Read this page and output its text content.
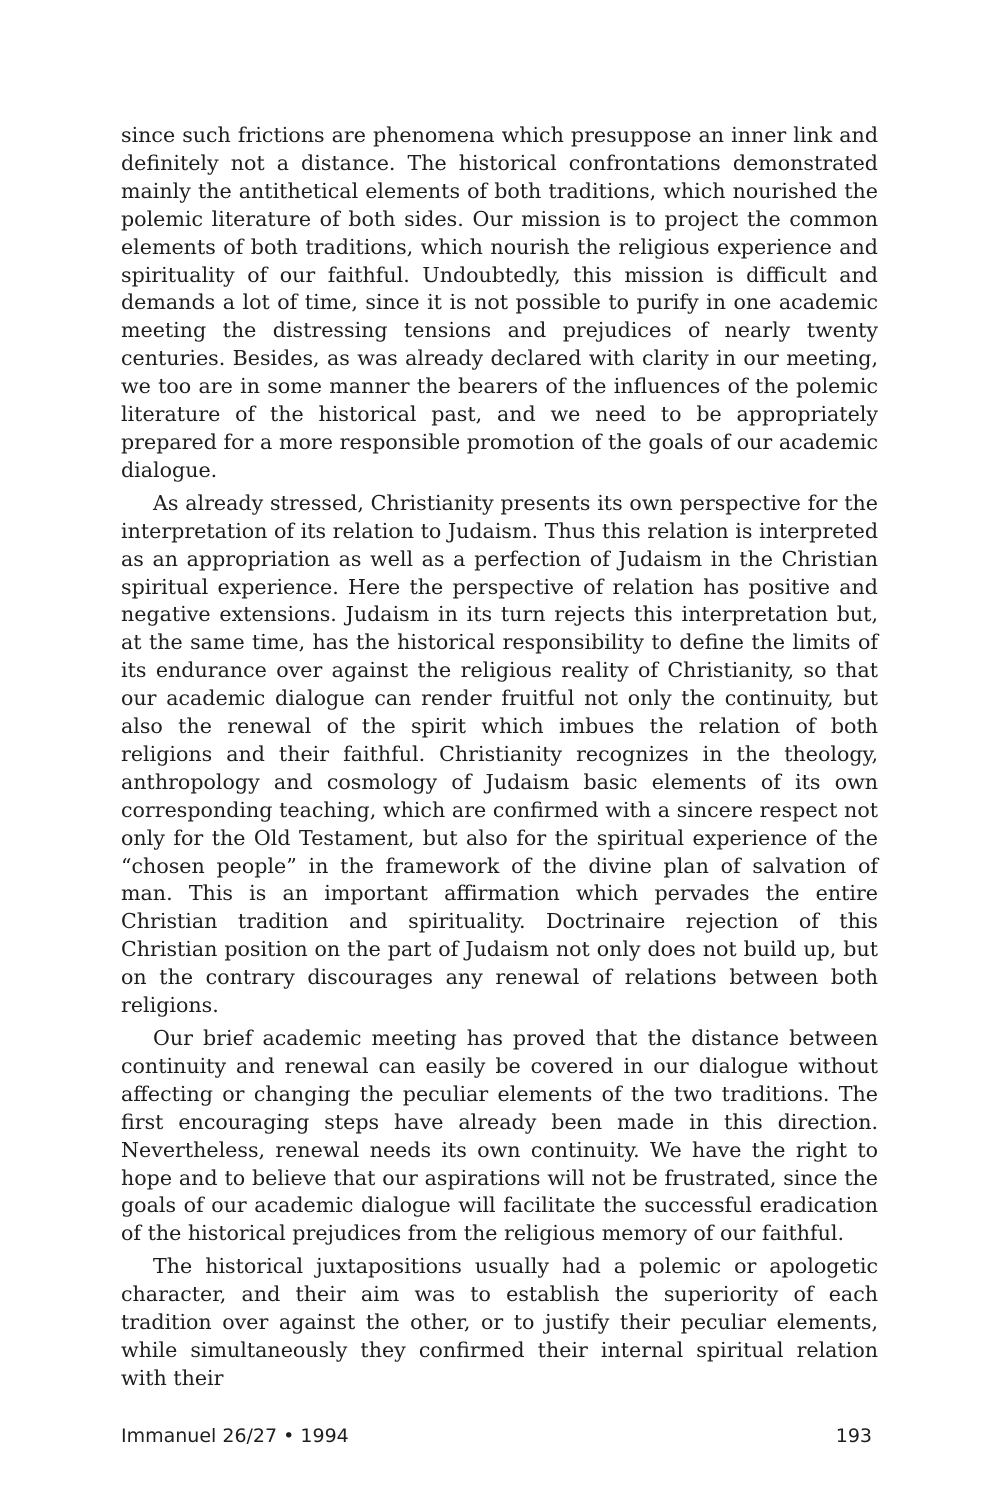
since such frictions are phenomena which presuppose an inner link and definitely not a distance. The historical confrontations demonstrated mainly the antithetical elements of both traditions, which nourished the polemic literature of both sides. Our mission is to project the common elements of both traditions, which nourish the religious experience and spirituality of our faithful. Undoubtedly, this mission is difficult and demands a lot of time, since it is not possible to purify in one academic meeting the distressing tensions and prejudices of nearly twenty centuries. Besides, as was already declared with clarity in our meeting, we too are in some manner the bearers of the influences of the polemic literature of the historical past, and we need to be appropriately prepared for a more responsible promotion of the goals of our academic dialogue.

As already stressed, Christianity presents its own perspective for the interpretation of its relation to Judaism. Thus this relation is interpreted as an appropriation as well as a perfection of Judaism in the Christian spiritual experience. Here the perspective of relation has positive and negative extensions. Judaism in its turn rejects this interpretation but, at the same time, has the historical responsibility to define the limits of its endurance over against the religious reality of Christianity, so that our academic dialogue can render fruitful not only the continuity, but also the renewal of the spirit which imbues the relation of both religions and their faithful. Christianity recognizes in the theology, anthropology and cosmology of Judaism basic elements of its own corresponding teaching, which are confirmed with a sincere respect not only for the Old Testament, but also for the spiritual experience of the “chosen people” in the framework of the divine plan of salvation of man. This is an important affirmation which pervades the entire Christian tradition and spirituality. Doctrinaire rejection of this Christian position on the part of Judaism not only does not build up, but on the contrary discourages any renewal of relations between both religions.

Our brief academic meeting has proved that the distance between continuity and renewal can easily be covered in our dialogue without affecting or changing the peculiar elements of the two traditions. The first encouraging steps have already been made in this direction. Nevertheless, renewal needs its own continuity. We have the right to hope and to believe that our aspirations will not be frustrated, since the goals of our academic dialogue will facilitate the successful eradication of the historical prejudices from the religious memory of our faithful.

The historical juxtapositions usually had a polemic or apologetic character, and their aim was to establish the superiority of each tradition over against the other, or to justify their peculiar elements, while simultaneously they confirmed their internal spiritual relation with their

Immanuel 26/27 • 1994	193
